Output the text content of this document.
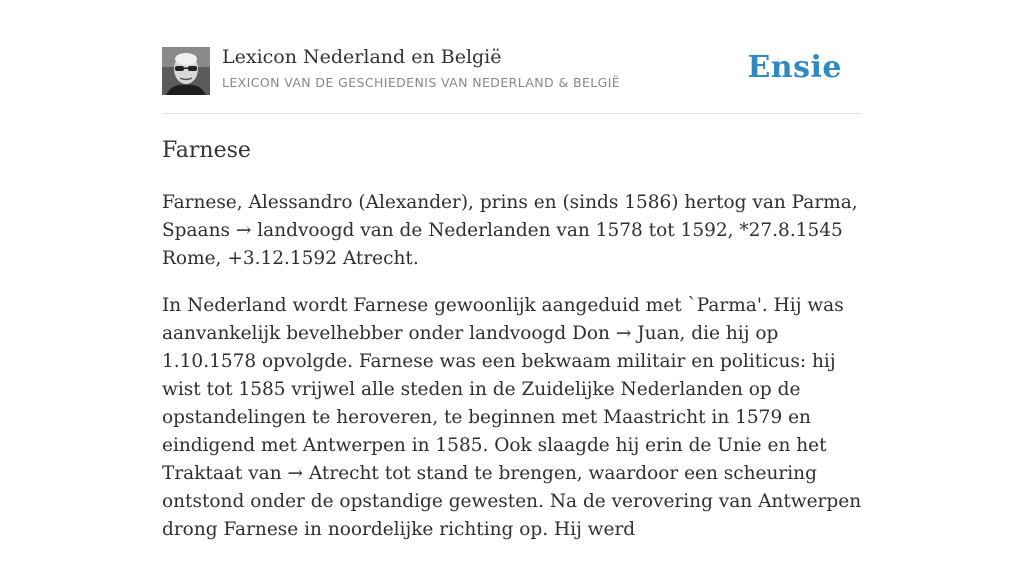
Lexicon Nederland en België
LEXICON VAN DE GESCHIEDENIS VAN NEDERLAND & BELGIË	Ensie
Farnese

Farnese, Alessandro (Alexander), prins en (sinds 1586) hertog van Parma, Spaans → landvoogd van de Nederlanden van 1578 tot 1592, *27.8.1545 Rome, +3.12.1592 Atrecht.

In Nederland wordt Farnese gewoonlijk aangeduid met `Parma'. Hij was aanvankelijk bevelhebber onder landvoogd Don → Juan, die hij op 1.10.1578 opvolgde. Farnese was een bekwaam militair en politicus: hij wist tot 1585 vrijwel alle steden in de Zuidelijke Nederlanden op de opstandelingen te heroveren, te beginnen met Maastricht in 1579 en eindigend met Antwerpen in 1585. Ook slaagde hij erin de Unie en het Traktaat van → Atrecht tot stand te brengen, waardoor een scheuring ontstond onder de opstandige gewesten. Na de verovering van Antwerpen drong Farnese in noordelijke richting op. Hij werd
